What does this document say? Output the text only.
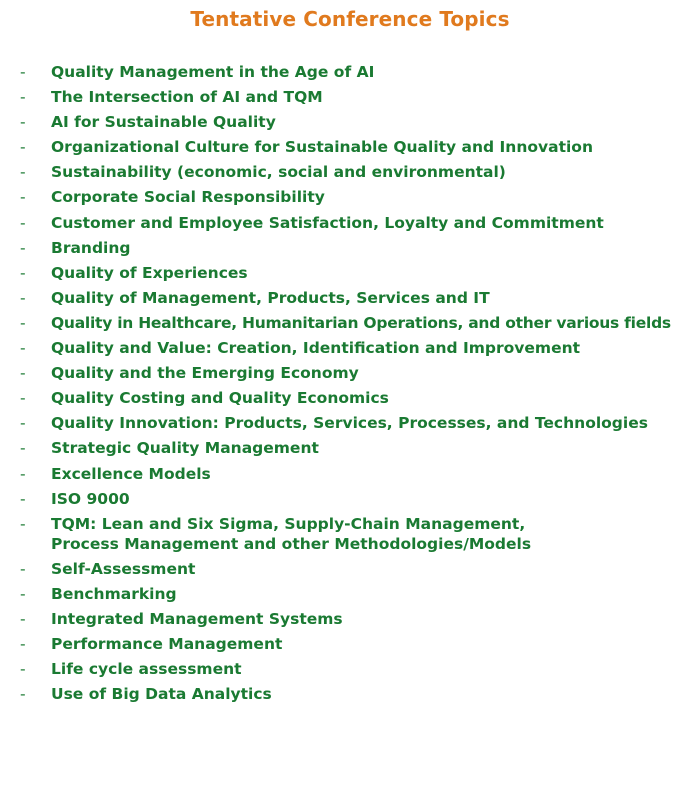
Tentative Conference Topics
- Quality Management in the Age of AI
- The Intersection of AI and TQM
- AI for Sustainable Quality
- Organizational Culture for Sustainable Quality and Innovation
- Sustainability (economic, social and environmental)
- Corporate Social Responsibility
- Customer and Employee Satisfaction, Loyalty and Commitment
- Branding
- Quality of Experiences
- Quality of Management, Products, Services and IT
- Quality in Healthcare, Humanitarian Operations, and other various fields
- Quality and Value: Creation, Identification and Improvement
- Quality and the Emerging Economy
- Quality Costing and Quality Economics
- Quality Innovation: Products, Services, Processes, and Technologies
- Strategic Quality Management
- Excellence Models
- ISO 9000
- TQM: Lean and Six Sigma, Supply-Chain Management, Process Management and other Methodologies/Models
- Self-Assessment
- Benchmarking
- Integrated Management Systems
- Performance Management
- Life cycle assessment
- Use of Big Data Analytics
